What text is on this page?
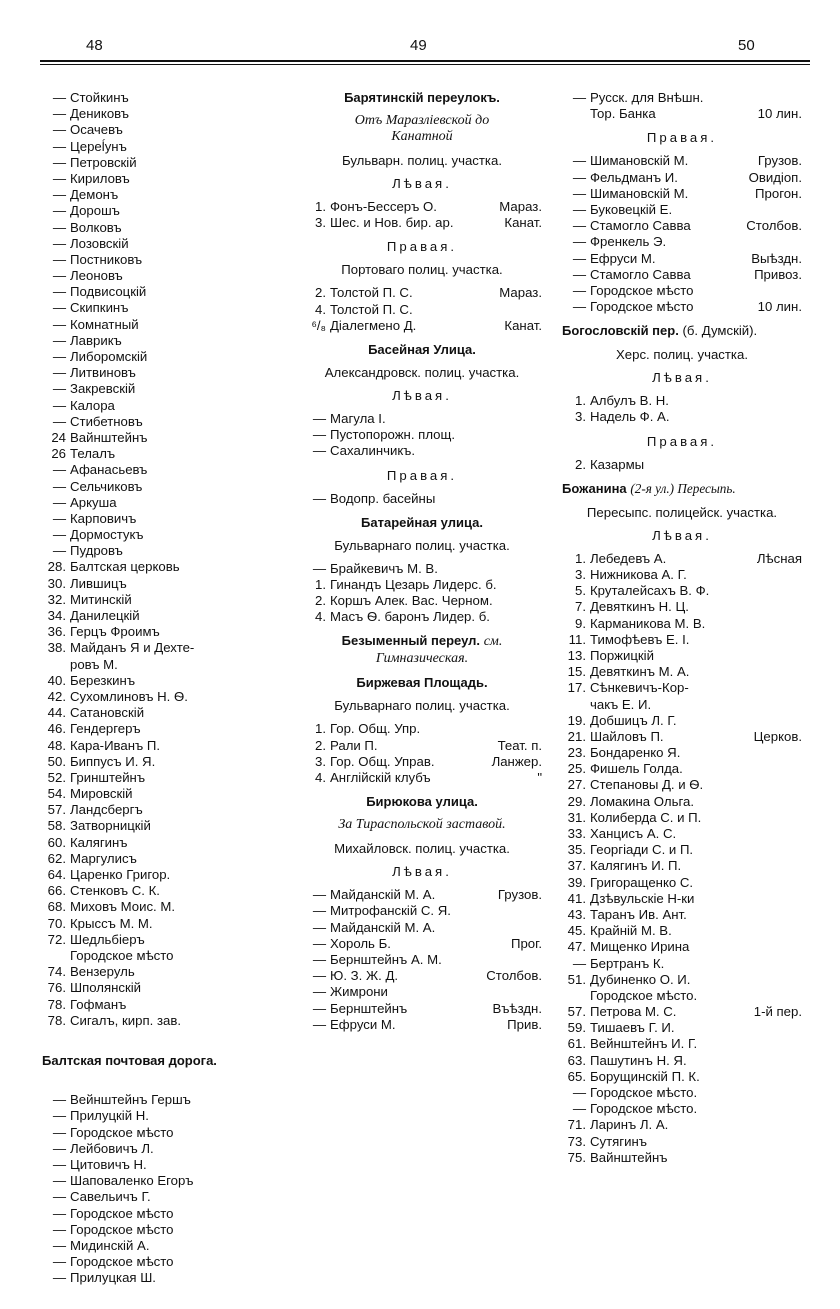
48	49	50
— Стойкинъ
— Дениковъ
— Осачевъ
— Цереĺунъ
— Петровскій
— Кириловъ
— Демонъ
— Дорошъ
— Волковъ
— Лозовскій
— Постниковъ
— Леоновъ
— Подвисоцкій
— Скипкинъ
— Комнатный
— Лаврикъ
— Либоромскій
— Литвиновъ
— Закревскій
— Калора
— Стибетновъ
24 Вайнштейнъ
26 Телалъ
— Афанасьевъ
— Сельчиковъ
— Аркуша
— Карповичъ
— Дормостукъ
— Пудровъ
28. Балтская церковь
30. Лившицъ
32. Митинскій
34. Данилецкій
36. Герцъ Фроимъ
38. Майданъ Я и Дехте-
ровъ М.
40. Березкинъ
42. Сухомлиновъ Н. Ѳ.
44. Сатановскій
46. Гендергеръ
48. Кара-Иванъ П.
50. Биппусъ И. Я.
52. Гринштейнъ
54. Мировскій
57. Ландсбергъ
58. Затворницкій
60. Калягинъ
62. Маргулисъ
64. Царенко Григор.
66. Стенковъ С. К.
68. Миховъ Моис. М.
70. Крыссъ М. М.
72. Шедльбіеръ
Городское мѣсто
74. Вензеруль
76. Шполянскій
78. Гофманъ
78. Сигалъ, кирп. зав.
Балтская почтовая дорога.
— Вейнштейнъ Гершъ
— Прилуцкій Н.
— Городское мѣсто
— Лейбовичъ Л.
— Цитовичъ Н.
— Шаповаленко Егоръ
— Савельичъ Г.
— Городское мѣсто
— Городское мѣсто
— Мидинскій А.
— Городское мѣсто
— Прилуцкая Ш.
Барятинскій переулокъ.
Отъ Маразліевской до Канатной
Бульварн. полиц. участка.
Лѣвая.
1. Фонъ-Бессеръ О.	Мараз.
3. Шес. и Нов. бир. ар.	Канат.
Правая.
Портоваго полиц. участка.
2. Толстой П. С.	Мараз.
4. Толстой П. С.
⁶/₈ Діалегмено Д.	Канат.
Басейная Улица.
Александровск. полиц. участка.
Лѣвая.
— Магула І.
— Пустопорожн. площ.
— Сахалинчикъ.
Правая.
— Водопр. басейны
Батарейная улица.
Бульварнаго полиц. участка.
— Брайкевичъ М. В.
1. Гинандъ Цезарь Лидерс. б.
2. Коршъ Алек. Вас. Черном.
4. Масъ Ѳ. баронъ Лидер. б.
Безыменный переул. см. Гимназическая.
Биржевая Площадь.
Бульварнаго полиц. участка.
1. Гор. Общ. Упр.
2. Рали П.	Теат. п.
3. Гор. Общ. Управ.	Ланжер.
4. Англійскій клубъ	"
Бирюкова улица.
За Тираспольской заставой.
Михайловск. полиц. участка.
Лѣвая.
— Майданскій М. А.	Грузов.
— Митрофанскій С. Я.
— Майданскій М. А.
— Хороль Б.	Прог.
— Бернштейнъ А. М.
— Ю. З. Ж. Д.	Столбов.
— Жимрони
— Бернштейнъ	Въѣздн.
— Ефруси М.	Прив.
— Русск. для Внѣшн.
Тор. Банка	10 лин.
Правая.
— Шимановскій М.	Грузов.
— Фельдманъ И.	Овидіоп.
— Шимановскій М.	Прогон.
— Буковецкій Е.
— Стамогло Савва	Столбов.
— Френкель Э.
— Ефруси М.	Выѣздн.
— Стамогло Савва	Привоз.
— Городское мѣсто
— Городское мѣсто	10 лин.
Богословскій пер. (б. Думскій).
Херс. полиц. участка.
Лѣвая.
1. Албулъ В. Н.
3. Надель Ф. А.
Правая.
2. Казармы
Божанина (2-я ул.) Пересыпь.
Пересыпс. полицейск. участка.
Лѣвая.
1. Лебедевъ А.	Лѣсная
3. Нижникова А. Г.
5. Круталейсахъ В. Ф.
7. Девяткинъ Н. Ц.
9. Карманикова М. В.
11. Тимофѣевъ Е. І.
13. Поржицкій
15. Девяткинъ М. А.
17. Сѣнкевичъ-Кор-
чакъ Е. И.
19. Добшицъ Л. Г.
21. Шайловъ П.	Церков.
23. Бондаренко Я.
25. Фишель Голда.
27. Степановы Д. и Ѳ.
29. Ломакина Ольга.
31. Колиберда С. и П.
33. Ханцисъ А. С.
35. Георгіади С. и П.
37. Калягинъ И. П.
39. Григоращенко С.
41. Дзѣвульскіе Н-ки
43. Таранъ Ив. Ант.
45. Крайній М. В.
47. Мищенко Ирина
— Бертранъ К.
51. Дубиненко О. И.
Городское мѣсто.
57. Петрова М. С.	1-й пер.
59. Тишаевъ Г. И.
61. Вейнштейнъ И. Г.
63. Пашутинъ Н. Я.
65. Борущинскій П. К.
— Городское мѣсто.
— Городское мѣсто.
71. Ларинъ Л. А.
73. Сутягинъ
75. Вайнштейнъ
